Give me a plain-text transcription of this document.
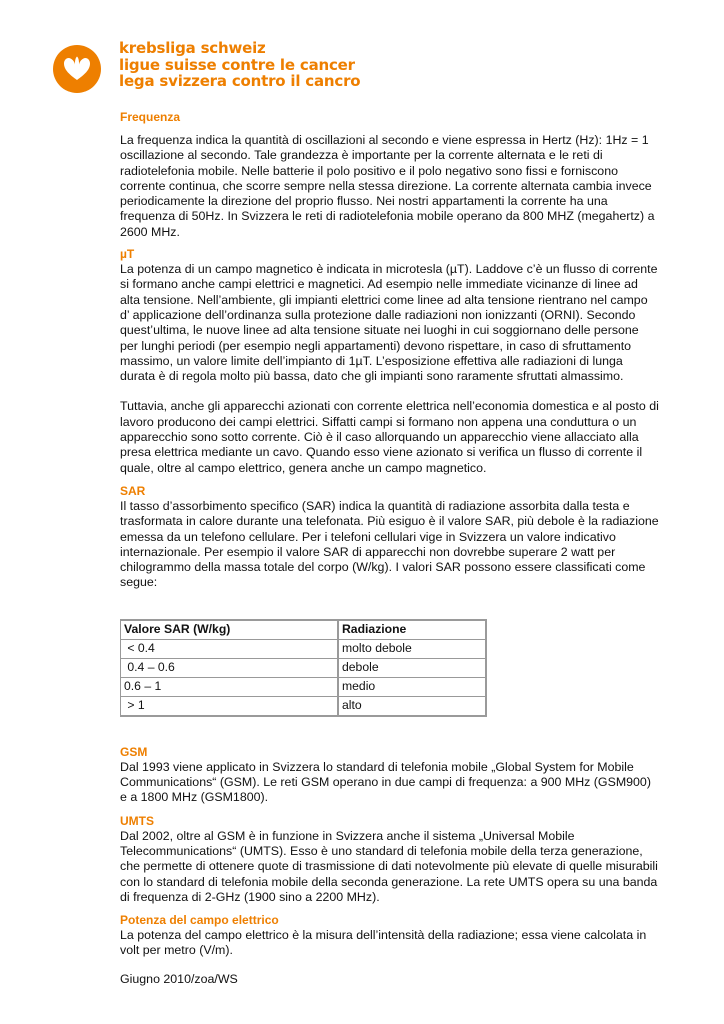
krebsliga schweiz
ligue suisse contre le cancer
lega svizzera contro il cancro
Frequenza

La frequenza indica la quantità di oscillazioni al secondo e viene espressa in Hertz (Hz): 1Hz = 1 oscillazione al secondo. Tale grandezza è importante per la corrente alternata e le reti di radiotelefonia mobile. Nelle batterie il polo positivo e il polo negativo sono fissi e forniscono corrente continua, che scorre sempre nella stessa direzione. La corrente alternata cambia invece periodicamente la direzione del proprio flusso. Nei nostri appartamenti la corrente ha una frequenza di 50Hz. In Svizzera le reti di radiotelefonia mobile operano da 800 MHZ (megahertz) a 2600 MHz.

µT

La potenza di un campo magnetico è indicata in microtesla (µT). Laddove c’è un flusso di corrente si formano anche campi elettrici e magnetici. Ad esempio nelle immediate vicinanze di linee ad alta tensione. Nell’ambiente, gli impianti elettrici come linee ad alta tensione rientrano nel campo d’ applicazione dell’ordinanza sulla protezione dalle radiazioni non ionizzanti (ORNI). Secondo quest’ultima, le nuove linee ad alta tensione situate nei luoghi in cui soggiornano delle persone per lunghi periodi (per esempio negli appartamenti) devono rispettare, in caso di sfruttamento massimo, un valore limite dell’impianto di 1µT. L’esposizione effettiva alle radiazioni di lunga durata è di regola molto più bassa, dato che gli impianti sono raramente sfruttati almassimo.

Tuttavia, anche gli apparecchi azionati con corrente elettrica nell’economia domestica e al posto di lavoro producono dei campi elettrici. Siffatti campi si formano non appena una conduttura o un apparecchio sono sotto corrente. Ciò è il caso allorquando un apparecchio viene allacciato alla presa elettrica mediante un cavo. Quando esso viene azionato si verifica un flusso di corrente il quale, oltre al campo elettrico, genera anche un campo magnetico.

SAR

Il tasso d’assorbimento specifico (SAR) indica la quantità di radiazione assorbita dalla testa e trasformata in calore durante una telefonata. Più esiguo è il valore SAR, più debole è la radiazione emessa da un telefono cellulare. Per i telefoni cellulari vige in Svizzera un valore indicativo internazionale. Per esempio il valore SAR di apparecchi non dovrebbe superare 2 watt per chilogrammo della massa totale del corpo (W/kg). I valori SAR possono essere classificati come segue:

Valore SAR (W/kg)	Radiazione
< 0.4	molto debole
0.4 – 0.6	debole
0.6 – 1	medio
> 1	alto
GSM

Dal 1993 viene applicato in Svizzera lo standard di telefonia mobile „Global System for Mobile Communications“ (GSM). Le reti GSM operano in due campi di frequenza: a 900 MHz (GSM900) e a 1800 MHz (GSM1800).

UMTS

Dal 2002, oltre al GSM è in funzione in Svizzera anche il sistema „Universal Mobile Telecommunications“ (UMTS). Esso è uno standard di telefonia mobile della terza generazione, che permette di ottenere quote di trasmissione di dati notevolmente più elevate di quelle misurabili con lo standard di telefonia mobile della seconda generazione. La rete UMTS opera su una banda di frequenza di 2-GHz (1900 sino a 2200 MHz).

Potenza del campo elettrico

La potenza del campo elettrico è la misura dell’intensità della radiazione; essa viene calcolata in volt per metro (V/m).

Giugno 2010/zoa/WS
